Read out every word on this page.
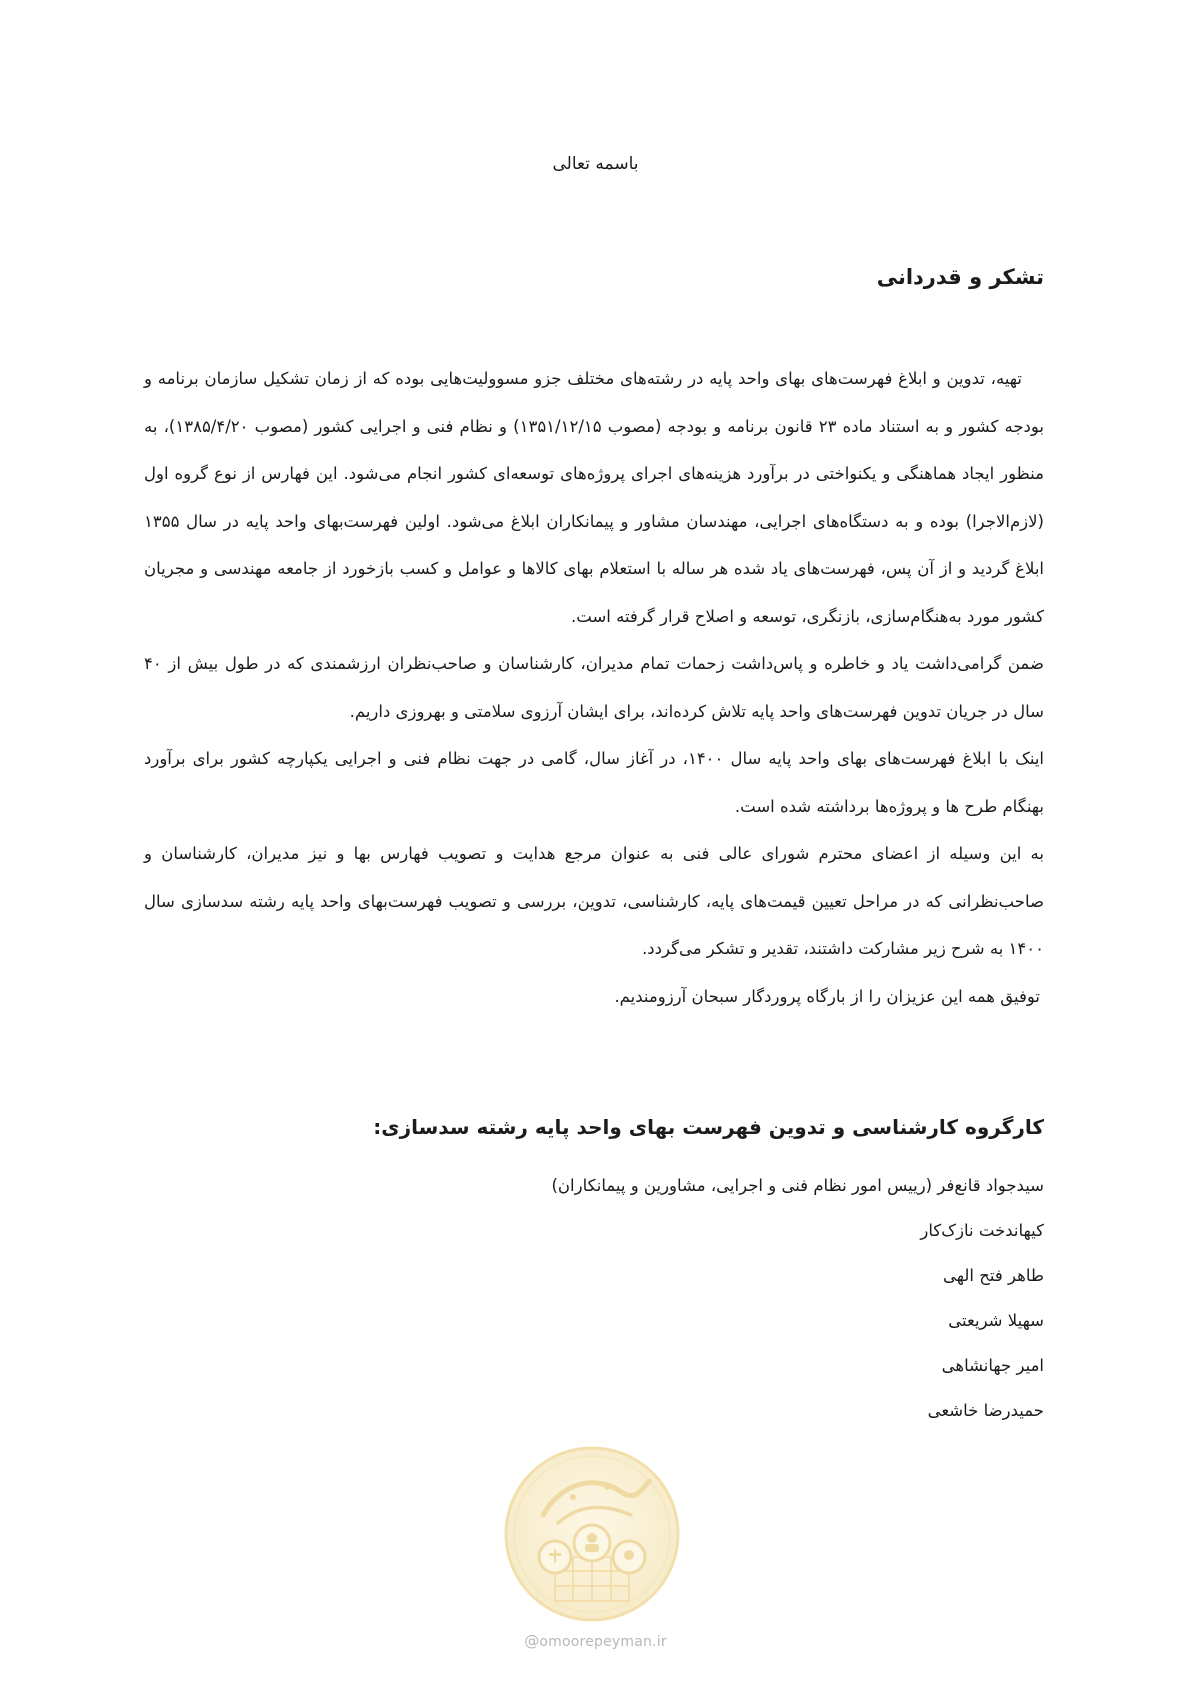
باسمه تعالی
تشکر و قدردانی

تهیه، تدوین و ابلاغ فهرست‌های بهای واحد پایه در رشته‌های مختلف جزو مسوولیت‌هایی بوده که از زمان تشکیل سازمان برنامه و بودجه کشور و به استناد ماده ۲۳ قانون برنامه و بودجه (مصوب ۱۳۵۱/۱۲/۱۵) و نظام فنی و اجرایی کشور (مصوب ۱۳۸۵/۴/۲۰)، به منظور ایجاد هماهنگی و یکنواختی در برآورد هزینه‌های اجرای پروژه‌های توسعه‌ای کشور انجام می‌شود. این فهارس از نوع گروه اول (لازم‌الاجرا) بوده و به دستگاه‌های اجرایی، مهندسان مشاور و پیمانکاران ابلاغ می‌شود. اولین فهرست‌بهای واحد پایه در سال ۱۳۵۵ ابلاغ گردید و از آن پس، فهرست‌های یاد شده هر ساله با استعلام بهای کالاها و عوامل و کسب بازخورد از جامعه مهندسی و مجریان کشور مورد به‌هنگام‌سازی، بازنگری، توسعه و اصلاح قرار گرفته است.

ضمن گرامی‌داشت یاد و خاطره و پاس‌داشت زحمات تمام مدیران، کارشناسان و صاحب‌نظران ارزشمندی که در طول بیش از ۴۰ سال در جریان تدوین فهرست‌های واحد پایه تلاش کرده‌اند، برای ایشان آرزوی سلامتی و بهروزی داریم.

اینک با ابلاغ فهرست‌های بهای واحد پایه سال ۱۴۰۰، در آغاز سال، گامی در جهت نظام فنی و اجرایی یکپارچه کشور برای برآورد بهنگام طرح ها و پروژه‌ها برداشته شده است.

به این وسیله از اعضای محترم شورای عالی فنی به عنوان مرجع هدایت و تصویب فهارس بها و نیز مدیران، کارشناسان و صاحب‌نظرانی که در مراحل تعیین قیمت‌های پایه، کارشناسی، تدوین، بررسی و تصویب فهرست‌بهای واحد پایه رشته سدسازی سال ۱۴۰۰ به شرح زیر مشارکت داشتند، تقدیر و تشکر می‌گردد.

توفیق همه این عزیزان را از بارگاه پروردگار سبحان آرزومندیم.

کارگروه کارشناسی و تدوین فهرست بهای واحد پایه رشته سدسازی:
سیدجواد قانع‌فر (رییس امور نظام فنی و اجرایی، مشاورین و پیمانکاران)
کیهاندخت نازک‌کار
طاهر فتح الهی
سهیلا شریعتی
امیر جهانشاهی
حمیدرضا خاشعی
@omoorepeyman.ir
